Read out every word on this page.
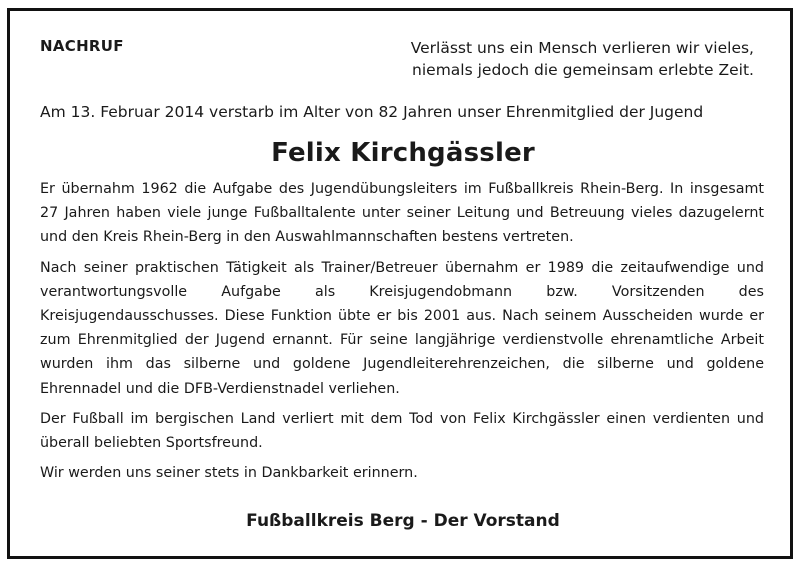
NACHRUF	Verlässt uns ein Mensch verlieren wir vieles,
niemals jedoch die gemeinsam erlebte Zeit.
Am 13. Februar 2014 verstarb im Alter von 82 Jahren unser Ehrenmitglied der Jugend
Felix Kirchgässler

Er übernahm 1962 die Aufgabe des Jugendübungsleiters im Fußballkreis Rhein-Berg. In insgesamt 27 Jahren haben viele junge Fußballtalente unter seiner Leitung und Betreuung vieles dazugelernt und den Kreis Rhein-Berg in den Auswahlmannschaften bestens vertreten.

Nach seiner praktischen Tätigkeit als Trainer/Betreuer übernahm er 1989 die zeitaufwendige und verantwortungsvolle Aufgabe als Kreisjugendobmann bzw. Vorsitzenden des Kreisjugendausschusses. Diese Funktion übte er bis 2001 aus. Nach seinem Ausscheiden wurde er zum Ehrenmitglied der Jugend ernannt. Für seine langjährige verdienstvolle ehrenamtliche Arbeit wurden ihm das silberne und goldene Jugendleiterehrenzeichen, die silberne und goldene Ehrennadel und die DFB-Verdienstnadel verliehen.

Der Fußball im bergischen Land verliert mit dem Tod von Felix Kirchgässler einen verdienten und überall beliebten Sportsfreund.

Wir werden uns seiner stets in Dankbarkeit erinnern.

Fußballkreis Berg - Der Vorstand
